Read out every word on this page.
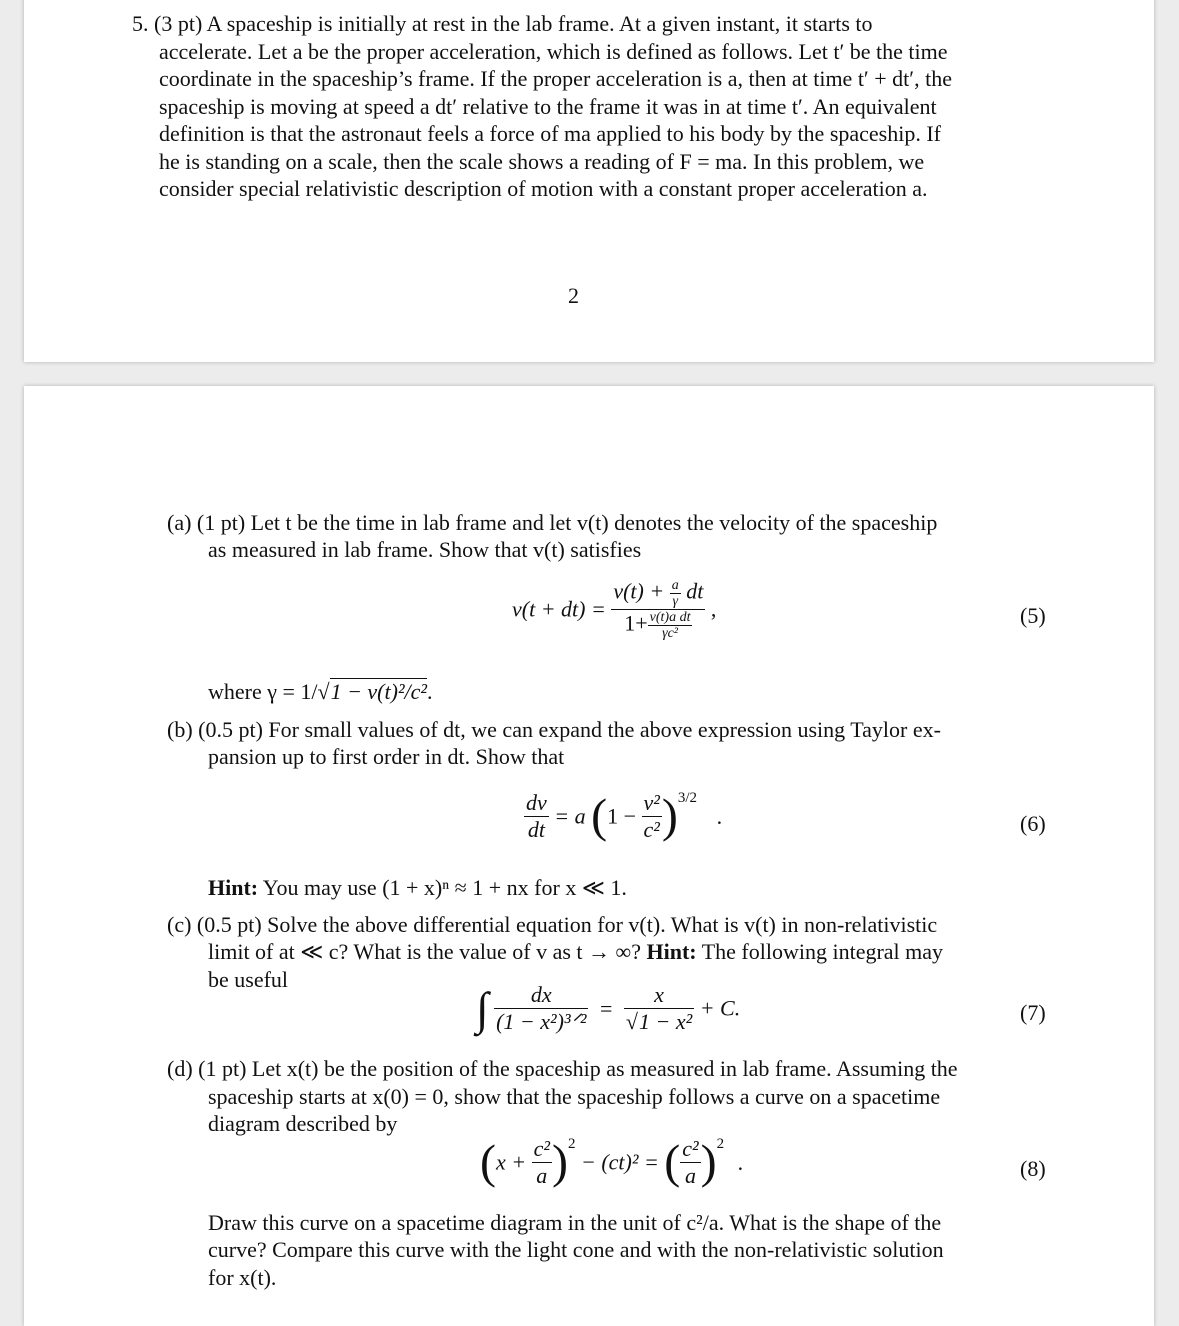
5. (3 pt) A spaceship is initially at rest in the lab frame. At a given instant, it starts to
accelerate. Let a be the proper acceleration, which is defined as follows. Let t′ be the time
coordinate in the spaceship’s frame. If the proper acceleration is a, then at time t′ + dt′, the
spaceship is moving at speed a dt′ relative to the frame it was in at time t′. An equivalent
definition is that the astronaut feels a force of ma applied to his body by the spaceship. If
he is standing on a scale, then the scale shows a reading of F = ma. In this problem, we
consider special relativistic description of motion with a constant proper acceleration a.
2
(a) (1 pt) Let t be the time in lab frame and let v(t) denotes the velocity of the spaceship
as measured in lab frame. Show that v(t) satisfies
$v(t + dt) = \frac{v(t) + \frac{a}{\gamma} dt}{1+ \frac{\text{v(t)a dt}}{\text{γc²}}}$ ,	(5)
where γ = 1/√1 − v(t)²/c².
(b) (0.5 pt) For small values of dt, we can expand the above expression using Taylor ex-
pansion up to first order in dt. Show that
$\frac{dv}{dt} = a$ $(1 - \frac{\text{v²}}{\text{c²}} )^{3/2}$ .	(6)
Hint: You may use (1 + x)ⁿ ≈ 1 + nx for x ≪ 1.
(c) (0.5 pt) Solve the above differential equation for v(t). What is v(t) in non-relativistic
limit of at ≪ c? What is the value of v as t → ∞? Hint: The following integral may
be useful
∫ $\frac{dx}{\text{(1 − x²)³ᐟ²}} = \frac{x}{\text{√1 − x²}} + C$.	(7)
(d) (1 pt) Let x(t) be the position of the spaceship as measured in lab frame. Assuming the
spaceship starts at x(0) = 0, show that the spaceship follows a curve on a spacetime
diagram described by
$(x + \frac{\text{c²}}{a} )^2 - (ct)^2$ = ( $\frac{\text{c²}}{a} )^2$ .	(8)
Draw this curve on a spacetime diagram in the unit of c²/a. What is the shape of the
curve? Compare this curve with the light cone and with the non-relativistic solution
for x(t).
